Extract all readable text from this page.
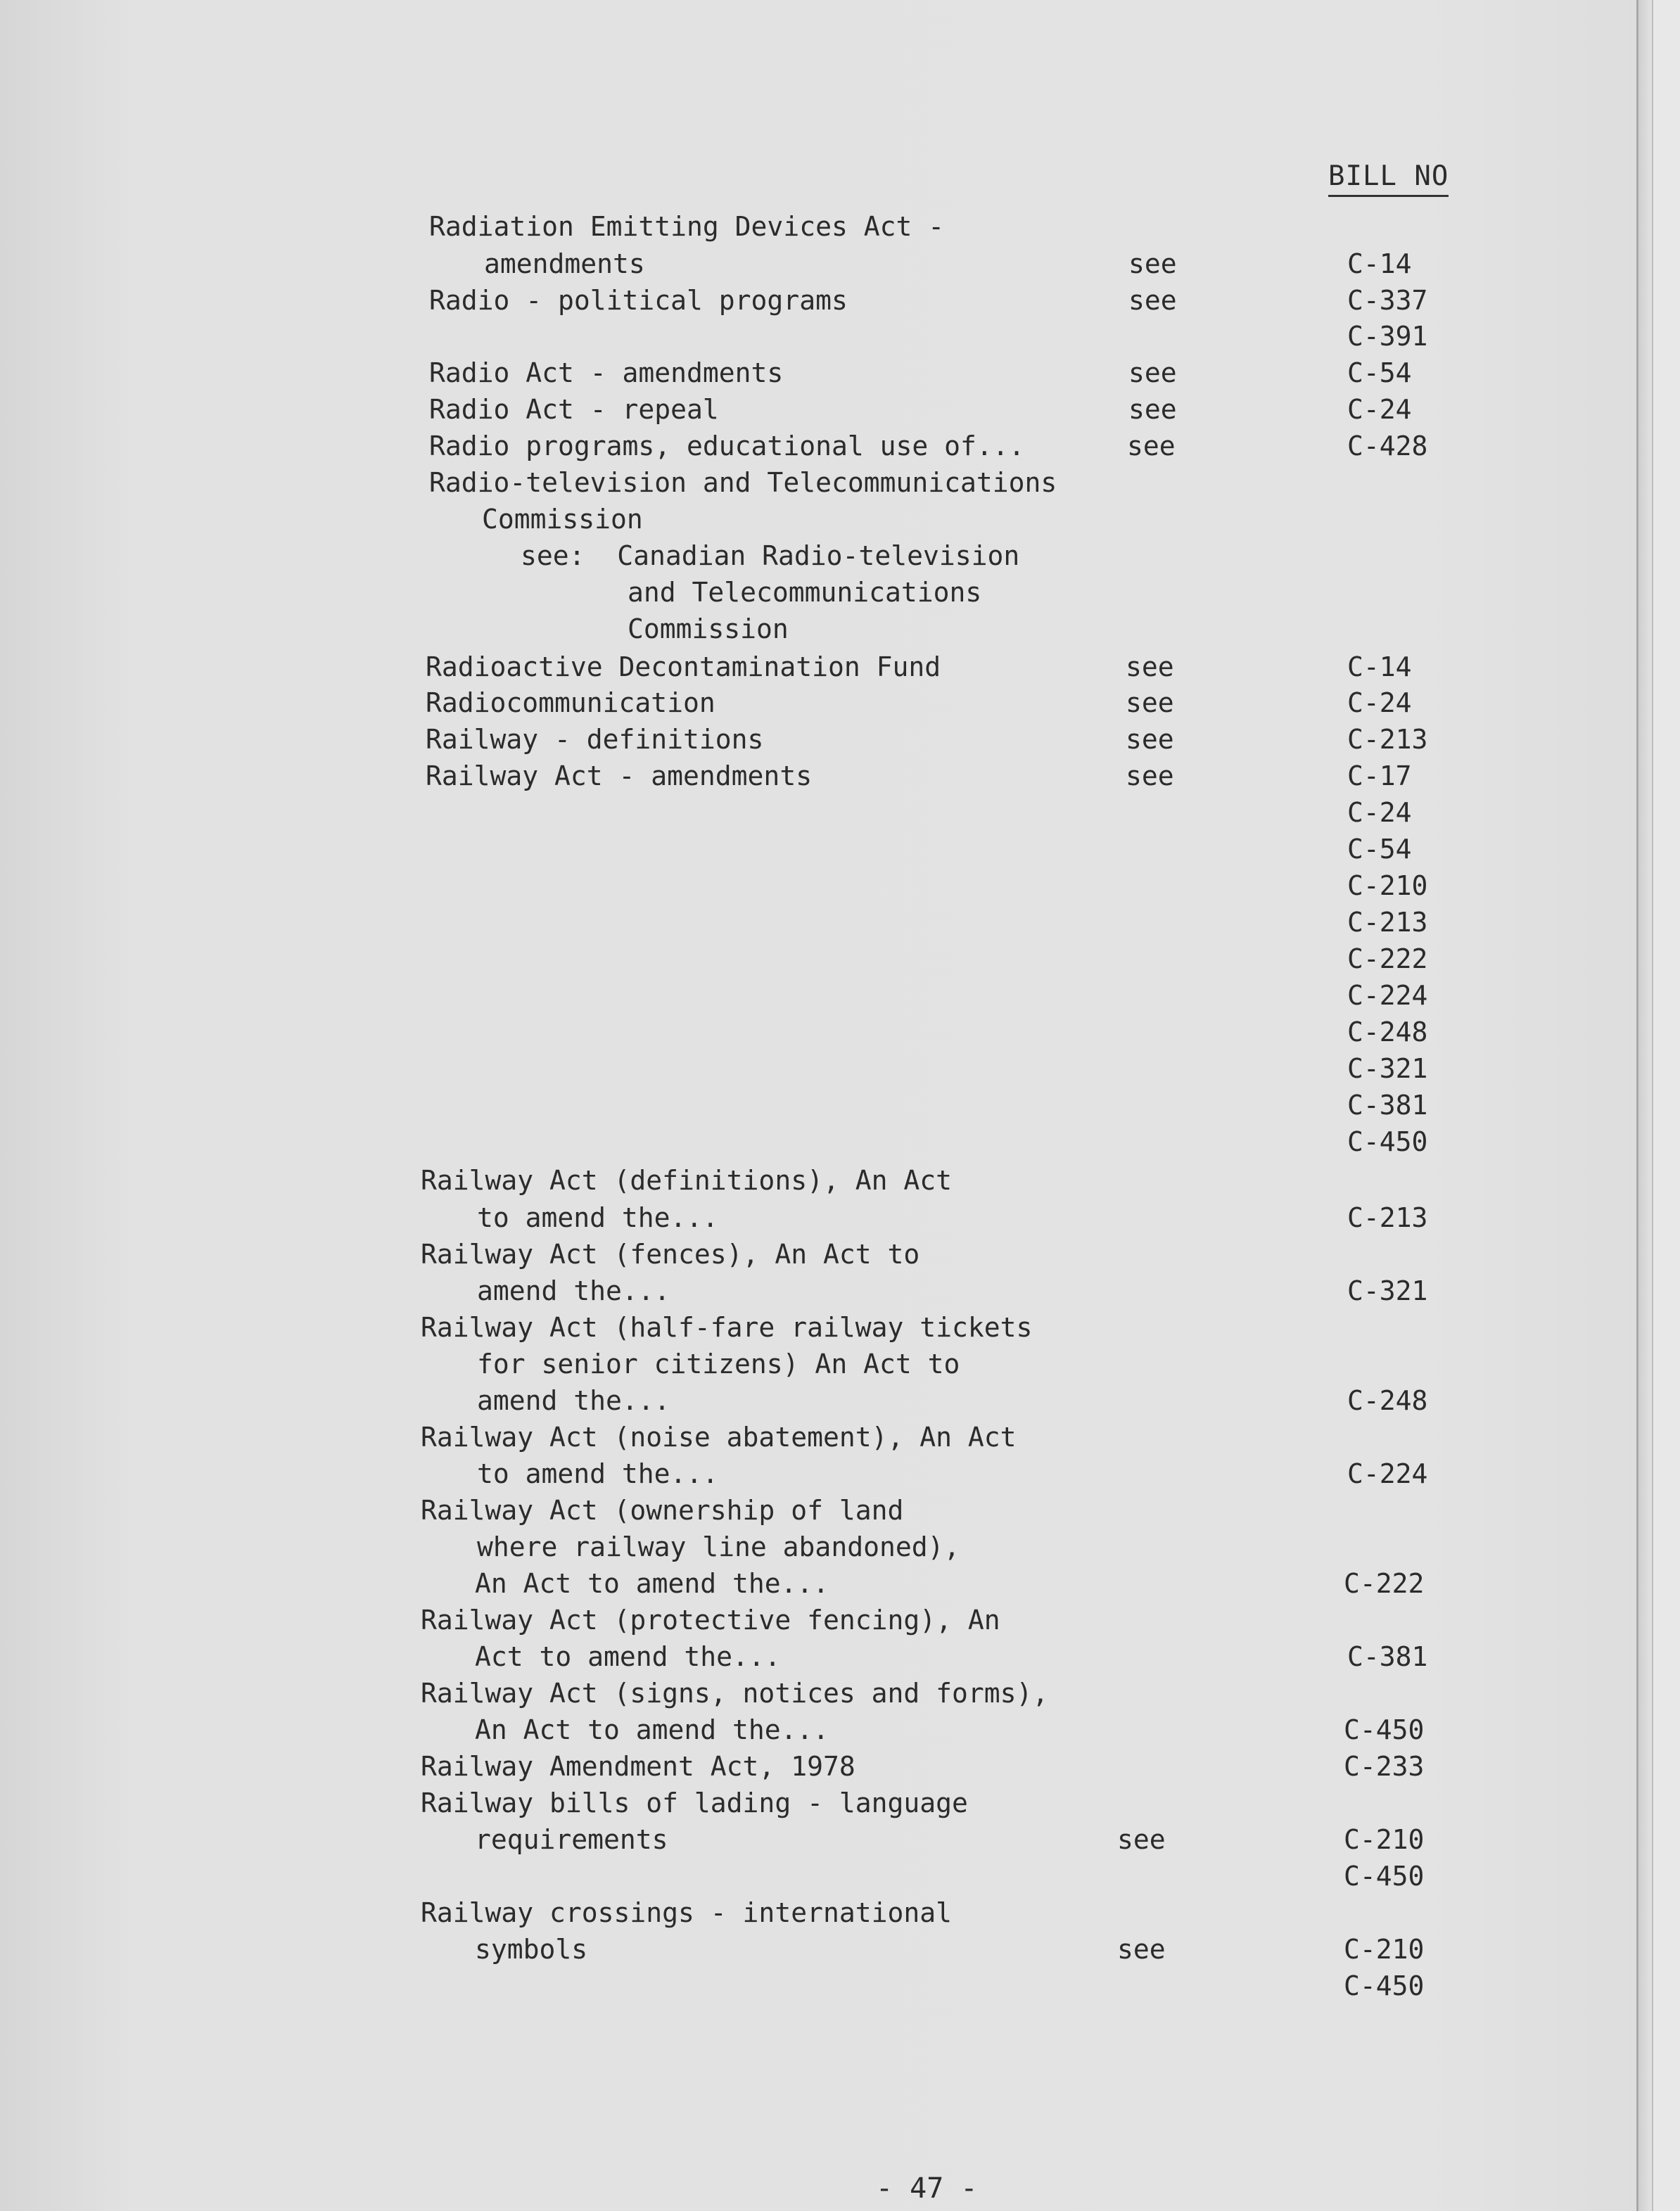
BILL NO
Radiation Emitting Devices Act -
amendments	see	C-14
Radio - political programs	see	C-337
C-391
Radio Act - amendments	see	C-54
Radio Act - repeal	see	C-24
Radio programs, educational use of...	see	C-428
Radio-television and Telecommunications
Commission
see:  Canadian Radio-television
and Telecommunications
Commission
Radioactive Decontamination Fund	see	C-14
Radiocommunication	see	C-24
Railway - definitions	see	C-213
Railway Act - amendments	see	C-17
C-24
C-54
C-210
C-213
C-222
C-224
C-248
C-321
C-381
C-450
Railway Act (definitions), An Act
to amend the...	C-213
Railway Act (fences), An Act to
amend the...	C-321
Railway Act (half-fare railway tickets
for senior citizens) An Act to
amend the...	C-248
Railway Act (noise abatement), An Act
to amend the...	C-224
Railway Act (ownership of land
where railway line abandoned),
An Act to amend the...	C-222
Railway Act (protective fencing), An
Act to amend the...	C-381
Railway Act (signs, notices and forms),
An Act to amend the...	C-450
Railway Amendment Act, 1978	C-233
Railway bills of lading - language
requirements	see	C-210
C-450
Railway crossings - international
symbols	see	C-210
C-450
- 47 -
